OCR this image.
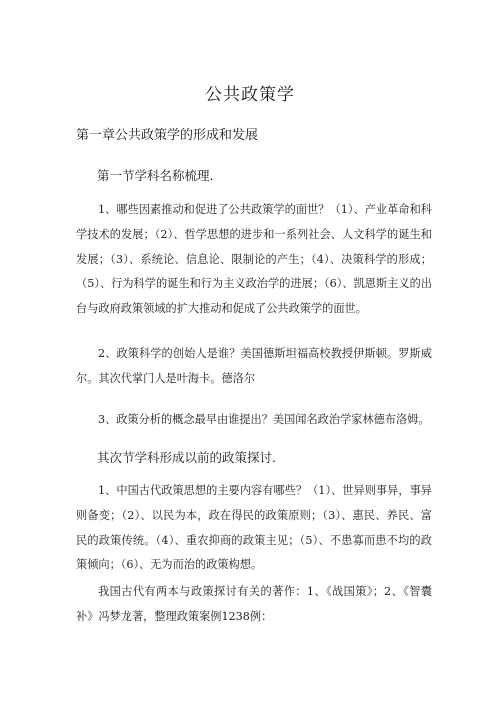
公共政策学
第一章公共政策学的形成和发展
第一节学科名称梳理.

1、哪些因素推动和促进了公共政策学的面世？（1）、产业革命和科学技术的发展；（2）、哲学思想的进步和一系列社会、人文科学的诞生和发展；（3）、系统论、信息论、限制论的产生；（4）、决策科学的形成；（5）、行为科学的诞生和行为主义政治学的进展；（6）、凯恩斯主义的出台与政府政策领域的扩大推动和促成了公共政策学的面世。

2、政策科学的创始人是谁？美国德斯坦福高校教授伊斯顿。罗斯威尔。其次代掌门人是叶海卡。德洛尔

3、政策分析的概念最早由谁提出？美国闻名政治学家林德布洛姆。

其次节学科形成以前的政策探讨.

1、中国古代政策思想的主要内容有哪些？（1）、世异则事异，事异则备变；（2）、以民为本，政在得民的政策原则；（3）、惠民、养民、富民的政策传统。（4）、重农抑商的政策主见；（5）、不患寡而患不均的政策倾向；（6）、无为而治的政策构想。

我国古代有两本与政策探讨有关的著作：1、《战国策》；2、《智囊补》冯梦龙著，整理政策案例1238例：
